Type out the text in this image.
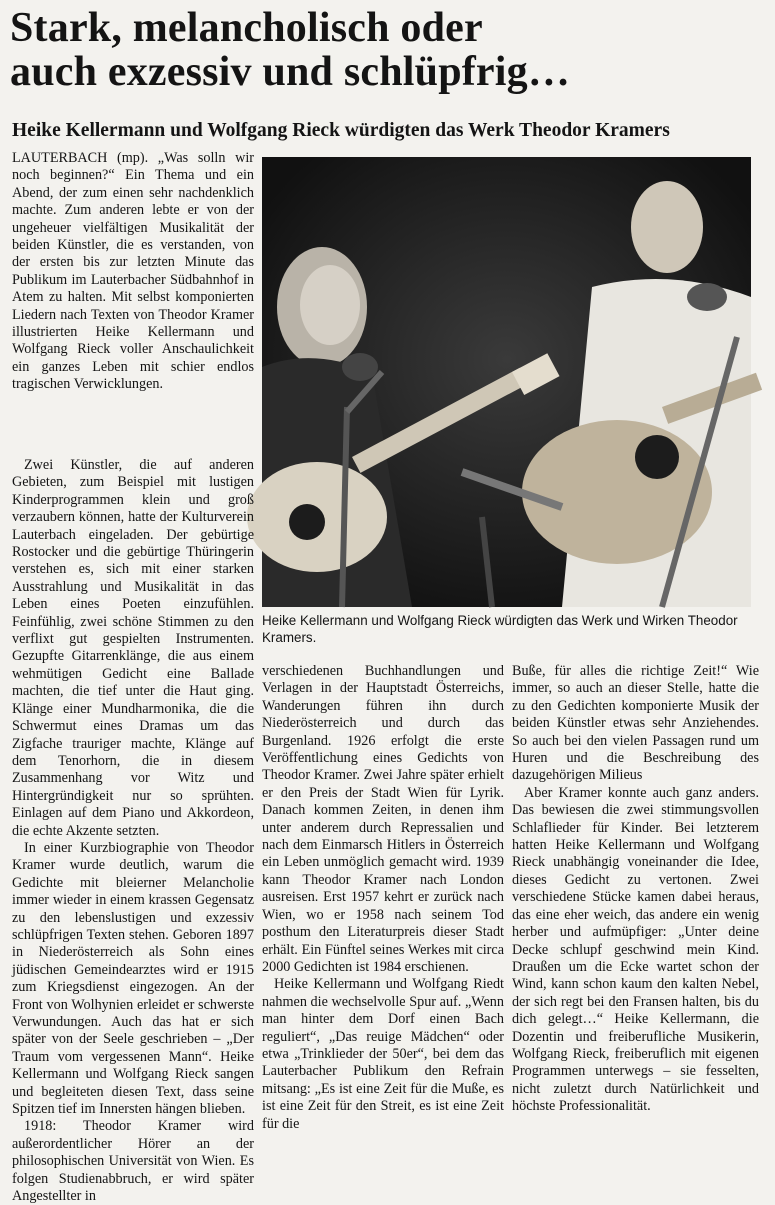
Stark, melancholisch oder
auch exzessiv und schlüpfrig…
Heike Kellermann und Wolfgang Rieck würdigten das Werk Theodor Kramers

LAUTERBACH (mp). „Was solln wir noch beginnen?“ Ein Thema und ein Abend, der zum einen sehr nachdenklich machte. Zum anderen lebte er von der ungeheuer vielfältigen Musikalität der beiden Künstler, die es verstanden, von der ersten bis zur letzten Minute das Publikum im Lauterbacher Südbahnhof in Atem zu halten. Mit selbst komponierten Liedern nach Texten von Theodor Kramer illustrierten Heike Kellermann und Wolfgang Rieck voller Anschaulichkeit ein ganzes Leben mit schier endlos tragischen Verwicklungen.

Heike Kellermann und Wolfgang Rieck würdigten das Werk und Wirken Theodor Kramers.

Zwei Künstler, die auf anderen Gebieten, zum Beispiel mit lustigen Kinderprogrammen klein und groß verzaubern können, hatte der Kulturverein Lauterbach eingeladen. Der gebürtige Rostocker und die gebürtige Thüringerin verstehen es, sich mit einer starken Ausstrahlung und Musikalität in das Leben eines Poeten einzufühlen. Feinfühlig, zwei schöne Stimmen zu den verflixt gut gespielten Instrumenten. Gezupfte Gitarrenklänge, die aus einem wehmütigen Gedicht eine Ballade machten, die tief unter die Haut ging. Klänge einer Mundharmonika, die die Schwermut eines Dramas um das Zigfache trauriger machte, Klänge auf dem Tenorhorn, die in diesem Zusammenhang vor Witz und Hintergründigkeit nur so sprühten. Einlagen auf dem Piano und Akkordeon, die echte Akzente setzten.

In einer Kurzbiographie von Theodor Kramer wurde deutlich, warum die Gedichte mit bleierner Melancholie immer wieder in einem krassen Gegensatz zu den lebenslustigen und exzessiv schlüpfrigen Texten stehen. Geboren 1897 in Niederösterreich als Sohn eines jüdischen Gemeindearztes wird er 1915 zum Kriegsdienst eingezogen. An der Front von Wolhynien erleidet er schwerste Verwundungen. Auch das hat er sich später von der Seele geschrieben – „Der Traum vom vergessenen Mann“. Heike Kellermann und Wolfgang Rieck sangen und begleiteten diesen Text, dass seine Spitzen tief im Innersten hängen blieben.

1918: Theodor Kramer wird außerordentlicher Hörer an der philosophischen Universität von Wien. Es folgen Studienabbruch, er wird später Angestellter in

verschiedenen Buchhandlungen und Verlagen in der Hauptstadt Österreichs, Wanderungen führen ihn durch Niederösterreich und durch das Burgenland. 1926 erfolgt die erste Veröffentlichung eines Gedichts von Theodor Kramer. Zwei Jahre später erhielt er den Preis der Stadt Wien für Lyrik. Danach kommen Zeiten, in denen ihm unter anderem durch Repressalien und nach dem Einmarsch Hitlers in Österreich ein Leben unmöglich gemacht wird. 1939 kann Theodor Kramer nach London ausreisen. Erst 1957 kehrt er zurück nach Wien, wo er 1958 nach seinem Tod posthum den Literaturpreis dieser Stadt erhält. Ein Fünftel seines Werkes mit circa 2000 Gedichten ist 1984 erschienen.

Heike Kellermann und Wolfgang Riedt nahmen die wechselvolle Spur auf. „Wenn man hinter dem Dorf einen Bach reguliert“, „Das reuige Mädchen“ oder etwa „Trinklieder der 50er“, bei dem das Lauterbacher Publikum den Refrain mitsang: „Es ist eine Zeit für die Muße, es ist eine Zeit für den Streit, es ist eine Zeit für die

Buße, für alles die richtige Zeit!“ Wie immer, so auch an dieser Stelle, hatte die zu den Gedichten komponierte Musik der beiden Künstler etwas sehr Anziehendes. So auch bei den vielen Passagen rund um Huren und die Beschreibung des dazugehörigen Milieus

Aber Kramer konnte auch ganz anders. Das bewiesen die zwei stimmungsvollen Schlaflieder für Kinder. Bei letzterem hatten Heike Kellermann und Wolfgang Rieck unabhängig voneinander die Idee, dieses Gedicht zu vertonen. Zwei verschiedene Stücke kamen dabei heraus, das eine eher weich, das andere ein wenig herber und aufmüpfiger: „Unter deine Decke schlupf geschwind mein Kind. Draußen um die Ecke wartet schon der Wind, kann schon kaum den kalten Nebel, der sich regt bei den Fransen halten, bis du dich gelegt…“ Heike Kellermann, die Dozentin und freiberufliche Musikerin, Wolfgang Rieck, freiberuflich mit eigenen Programmen unterwegs – sie fesselten, nicht zuletzt durch Natürlichkeit und höchste Professionalität.
